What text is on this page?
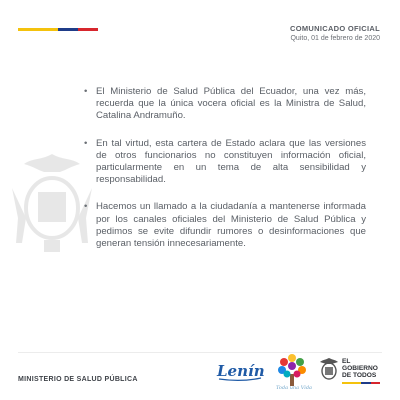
COMUNICADO OFICIAL
Quito, 01 de febrero de 2020
• El Ministerio de Salud Pública del Ecuador, una vez más, recuerda que la única vocera oficial es la Ministra de Salud, Catalina Andramuño.
• En tal virtud, esta cartera de Estado aclara que las versiones de otros funcionarios no constituyen información oficial, particularmente en un tema de alta sensibilidad y responsabilidad.
• Hacemos un llamado a la ciudadanía a mantenerse informada por los canales oficiales del Ministerio de Salud Pública y pedimos se evite difundir rumores o desinformaciones que generan tensión innecesariamente.
MINISTERIO DE SALUD PÚBLICA	Lenín
Toda una Vida
EL
GOBIERNO
DE TODOS
